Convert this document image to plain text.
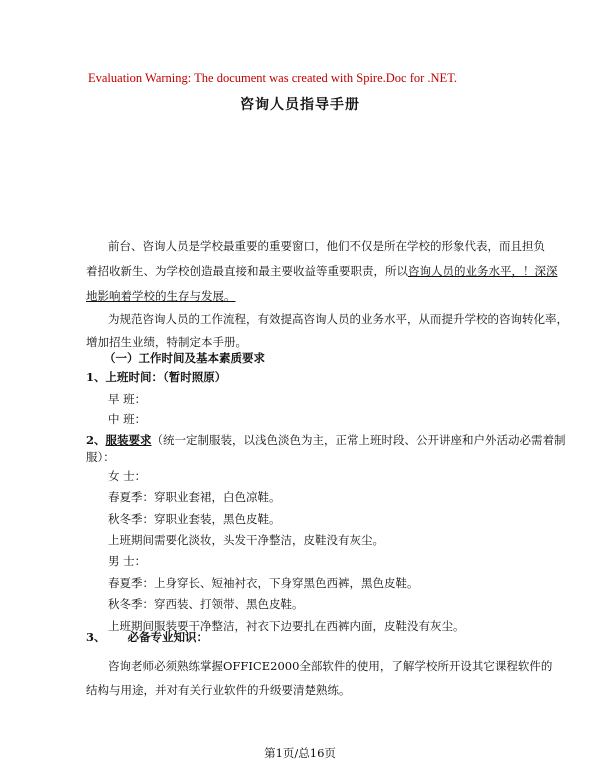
Evaluation Warning: The document was created with Spire.Doc for .NET.
咨询人员指导手册
前台、咨询人员是学校最重要的重要窗口，他们不仅是所在学校的形象代表，而且担负
着招收新生、为学校创造最直接和最主要收益等重要职责，所以咨询人员的业务水平，！深深
地影响着学校的生存与发展。
为规范咨询人员的工作流程，有效提高咨询人员的业务水平，从而提升学校的咨询转化率，
增加招生业绩，特制定本手册。
（一）工作时间及基本素质要求
1、上班时间：（暂时照原）
早 班：
中 班：
2、服装要求（统一定制服装，以浅色淡色为主，正常上班时段、公开讲座和户外活动必需着制
服）：
女 士：
春夏季：穿职业套裙，白色凉鞋。
秋冬季：穿职业套装，黑色皮鞋。
上班期间需要化淡妆，头发干净整洁，皮鞋没有灰尘。
男 士：
春夏季：上身穿长、短袖衬衣，下身穿黑色西裤，黑色皮鞋。
秋冬季：穿西装、打领带、黑色皮鞋。
上班期间服装要干净整洁，衬衣下边要扎在西裤内面，皮鞋没有灰尘。
3、 必备专业知识：
咨询老师必须熟练掌握OFFICE2000全部软件的使用，了解学校所开设其它课程软件的
结构与用途，并对有关行业软件的升级要清楚熟练。
第1页/总16页
